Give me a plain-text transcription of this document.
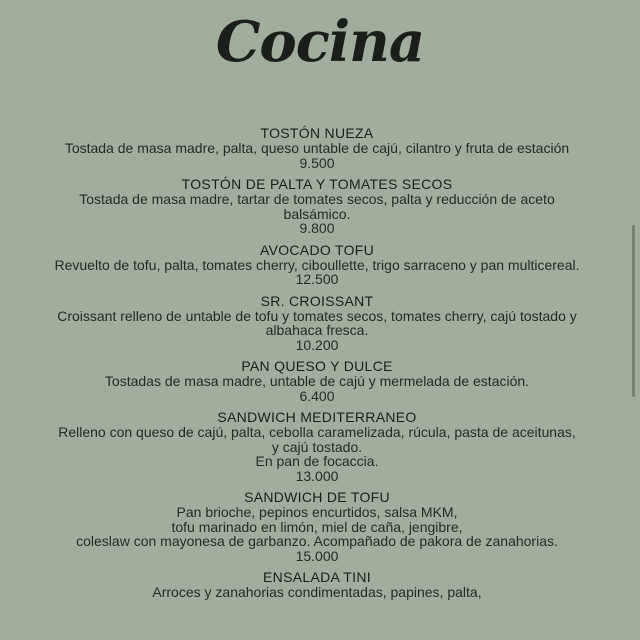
Cocina
TOSTÓN NUEZA
Tostada de masa madre, palta, queso untable de cajú, cilantro y fruta de estación
9.500
TOSTÓN DE PALTA Y TOMATES SECOS
Tostada de masa madre, tartar de tomates secos, palta y reducción de aceto
balsámico.
9.800
AVOCADO TOFU
Revuelto de tofu, palta, tomates cherry, ciboullette, trigo sarraceno y pan multicereal.
12.500
SR. CROISSANT
Croissant relleno de untable de tofu y tomates secos, tomates cherry, cajú tostado y
albahaca fresca.
10.200
PAN QUESO Y DULCE
Tostadas de masa madre, untable de cajú y mermelada de estación.
6.400
SANDWICH MEDITERRANEO
Relleno con queso de cajú, palta, cebolla caramelizada, rúcula, pasta de aceitunas,
y cajú tostado.
En pan de focaccia.
13.000
SANDWICH DE TOFU
Pan brioche, pepinos encurtidos, salsa MKM,
tofu marinado en limón, miel de caña, jengibre,
coleslaw con mayonesa de garbanzo. Acompañado de pakora de zanahorias.
15.000
ENSALADA TINI
Arroces y zanahorias condimentadas, papines, palta,
